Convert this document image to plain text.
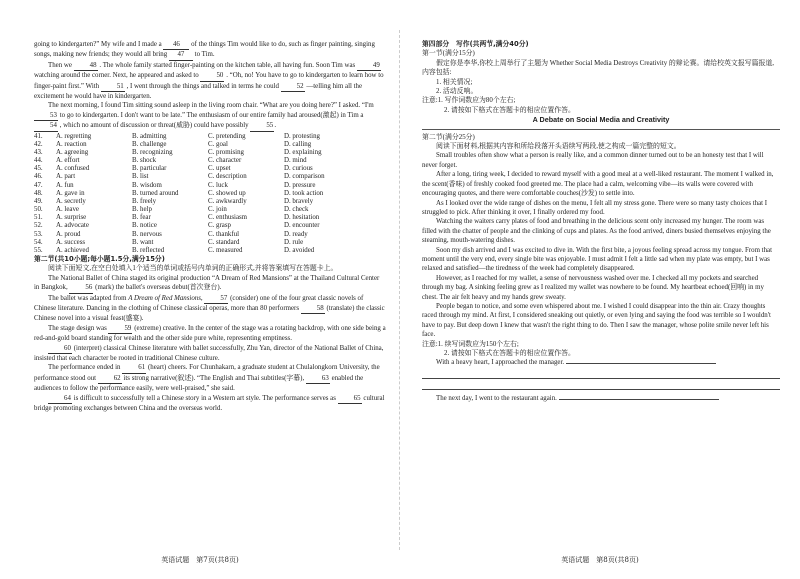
going to kindergarten?” My wife and I made a 46 of the things Tim would like to do, such as finger painting, singing songs, making new friends; they would all bring 47 to Tim.

Then we	48 . The whole family started finger-painting on the kitchen table, all having fun. Soon Tim was	49 watching around the corner. Next, he appeared and asked to	50 . “Oh, no! You have to go to kindergarten to learn how to finger-paint first.” With	51 , I went through the things and talked in terms he could	52 —telling him all the excitement he would have in kindergarten.

The next morning, I found Tim sitting sound asleep in the living room chair. “What are you doing here?” I asked. “I'm 53 to go to kindergarten. I don't want to be late.” The enthusiasm of our entire family had aroused(激起) in Tim a 54 , which no amount of discussion or threat(威胁) could have possibly	55.

41.	A. regretting	B. admitting	C. pretending	D. protesting
42.	A. reaction	B. challenge	C. goal	D. calling
43.	A. agreeing	B. recognizing	C. promising	D. explaining
44.	A. effort	B. shock	C. character	D. mind
45.	A. confused	B. particular	C. upset	D. curious
46.	A. part	B. list	C. description	D. comparison
47.	A. fun	B. wisdom	C. luck	D. pressure
48.	A. gave in	B. turned around	C. showed up	D. took action
49.	A. secretly	B. freely	C. awkwardly	D. bravely
50.	A. leave	B. help	C. join	D. check
51.	A. surprise	B. fear	C. enthusiasm	D. hesitation
52.	A. advocate	B. notice	C. grasp	D. encounter
53.	A. proud	B. nervous	C. thankful	D. ready
54.	A. success	B. want	C. standard	D. rule
55.	A. achieved	B. reflected	C. measured	D. avoided

第二节(共10小题;每小题1.5分,满分15分)

阅读下面短文,在空白处填入1个适当的单词或括号内单词的正确形式,并将答案填写在答题卡上。

The National Ballet of China staged its original production “A Dream of Red Mansions” at the Thailand Cultural Center in Bangkok,	56 (mark) the ballet's overseas debut(首次登台).

The ballet was adapted from A Dream of Red Mansions,	57 (consider) one of the four great classic novels of Chinese literature. Dancing in the clothing of Chinese classical operas, more than 80 performers	58 (translate) the classic Chinese novel into a visual feast(盛宴).

The stage design was	59 (extreme) creative. In the center of the stage was a rotating backdrop, with one side being a red-and-gold board standing for wealth and the other side pure white, representing emptiness.

60 (interpret) classical Chinese literature with ballet successfully, Zhu Yan, director of the National Ballet of China, insisted that each character be rooted in traditional Chinese culture.

The performance ended in	61 (heart) cheers. For Chunhakarn, a graduate student at Chulalongkorn University, the performance stood out	62 its strong narrative(叙述). “The English and Thai subtitles(字幕),	63 enabled the audiences to follow the performance easily, were well-praised,” she said.

64 is difficult to successfully tell a Chinese story in a Western art style. The performance serves as	65 cultural bridge promoting exchanges between China and the overseas world.

英语试题　第7页(共8页)

第四部分　写作(共两节,满分40分)

第一节(满分15分)

假定你是李华,你校上周举行了主题为 Whether Social Media Destroys Creativity 的辩论赛。请给校英文报写篇报道,内容包括:

1. 相关情况;

2. 活动反响。

注意:1. 写作词数应为80个左右;

2. 请按如下格式在答题卡的相应位置作答。

A Debate on Social Media and Creativity

第二节(满分25分)

阅读下面材料,根据其内容和所给段落开头语续写两段,使之构成一篇完整的短文。

Small troubles often show what a person is really like, and a common dinner turned out to be an honesty test that I will never forget.

After a long, tiring week, I decided to reward myself with a good meal at a well-liked restaurant. The moment I walked in, the scent(香味) of freshly cooked food greeted me. The place had a calm, welcoming vibe—its walls were covered with encouraging quotes, and there were comfortable couches(沙发) to settle into.

As I looked over the wide range of dishes on the menu, I felt all my stress gone. There were so many tasty choices that I struggled to pick. After thinking it over, I finally ordered my food.

Watching the waiters carry plates of food and breathing in the delicious scent only increased my hunger. The room was filled with the chatter of people and the clinking of cups and plates. As the food arrived, diners busied themselves enjoying the steaming, mouth-watering dishes.

Soon my dish arrived and I was excited to dive in. With the first bite, a joyous feeling spread across my tongue. From that moment until the very end, every single bite was enjoyable. I must admit I felt a little sad when my plate was empty, but I was relaxed and satisfied—the tiredness of the week had completely disappeared.

However, as I reached for my wallet, a sense of nervousness washed over me. I checked all my pockets and searched through my bag. A sinking feeling grew as I realized my wallet was nowhere to be found. My heartbeat echoed(回响) in my chest. The air felt heavy and my hands grew sweaty.

People began to notice, and some even whispered about me. I wished I could disappear into the thin air. Crazy thoughts raced through my mind. At first, I considered sneaking out quietly, or even lying and saying the food was terrible so I wouldn't have to pay. But deep down I knew that wasn't the right thing to do. Then I saw the manager, whose polite smile never left his face.

注意:1. 续写词数应为150个左右;

2. 请按如下格式在答题卡的相应位置作答。

With a heavy heart, I approached the manager.

The next day, I went to the restaurant again.

英语试题　第8页(共8页)
